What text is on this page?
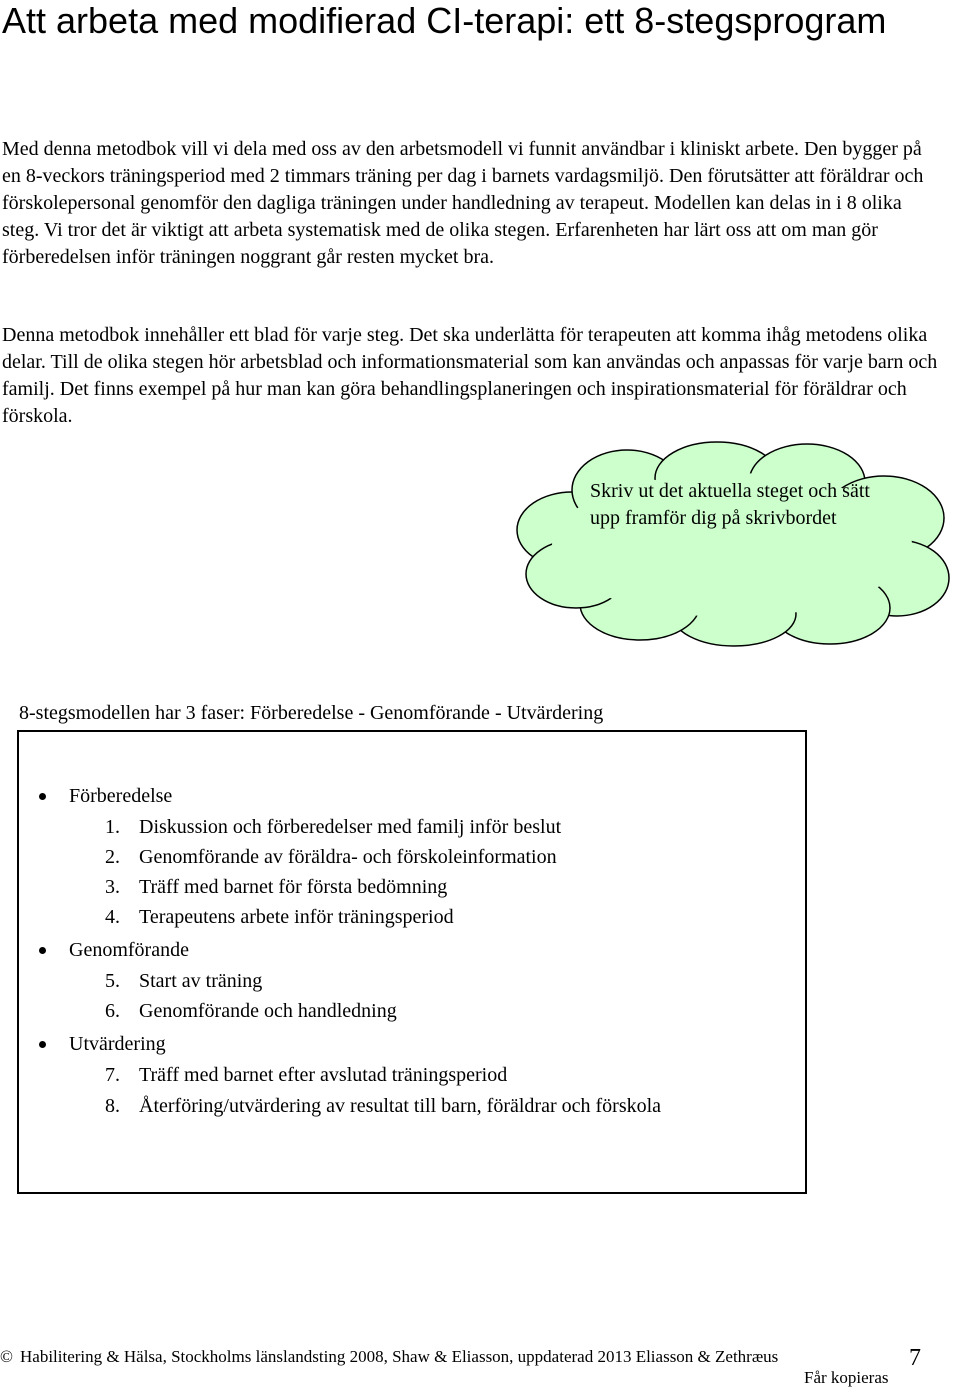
Att arbeta med modifierad CI-terapi: ett 8-stegsprogram

Med denna metodbok vill vi dela med oss av den arbetsmodell vi funnit användbar i kliniskt arbete. Den bygger på en 8-veckors träningsperiod med 2 timmars träning per dag i barnets vardagsmiljö. Den förutsätter att föräldrar och förskolepersonal genomför den dagliga träningen under handledning av terapeut. Modellen kan delas in i 8 olika steg. Vi tror det är viktigt att arbeta systematisk med de olika stegen. Erfarenheten har lärt oss att om man gör förberedelsen inför träningen noggrant går resten mycket bra.

Denna metodbok innehåller ett blad för varje steg. Det ska underlätta för terapeuten att komma ihåg metodens olika delar. Till de olika stegen hör arbetsblad och informationsmaterial som kan användas och anpassas för varje barn och familj. Det finns exempel på hur man kan göra behandlingsplaneringen och inspirationsmaterial för föräldrar och förskola.

Skriv ut det aktuella steget och sätt upp framför dig på skrivbordet

8-stegsmodellen har 3 faser: Förberedelse - Genomförande - Utvärdering

Förberedelse
1. Diskussion och förberedelser med familj inför beslut
2. Genomförande av föräldra- och förskoleinformation
3. Träff med barnet för första bedömning
4. Terapeutens arbete inför träningsperiod
Genomförande
5. Start av träning
6. Genomförande och handledning
Utvärdering
7. Träff med barnet efter avslutad träningsperiod
8. Återföring/utvärdering av resultat till barn, föräldrar och förskola
© Habilitering & Hälsa, Stockholms länslandsting 2008, Shaw & Eliasson, uppdaterad 2013 Eliasson & Zethræus
Får kopieras
7
